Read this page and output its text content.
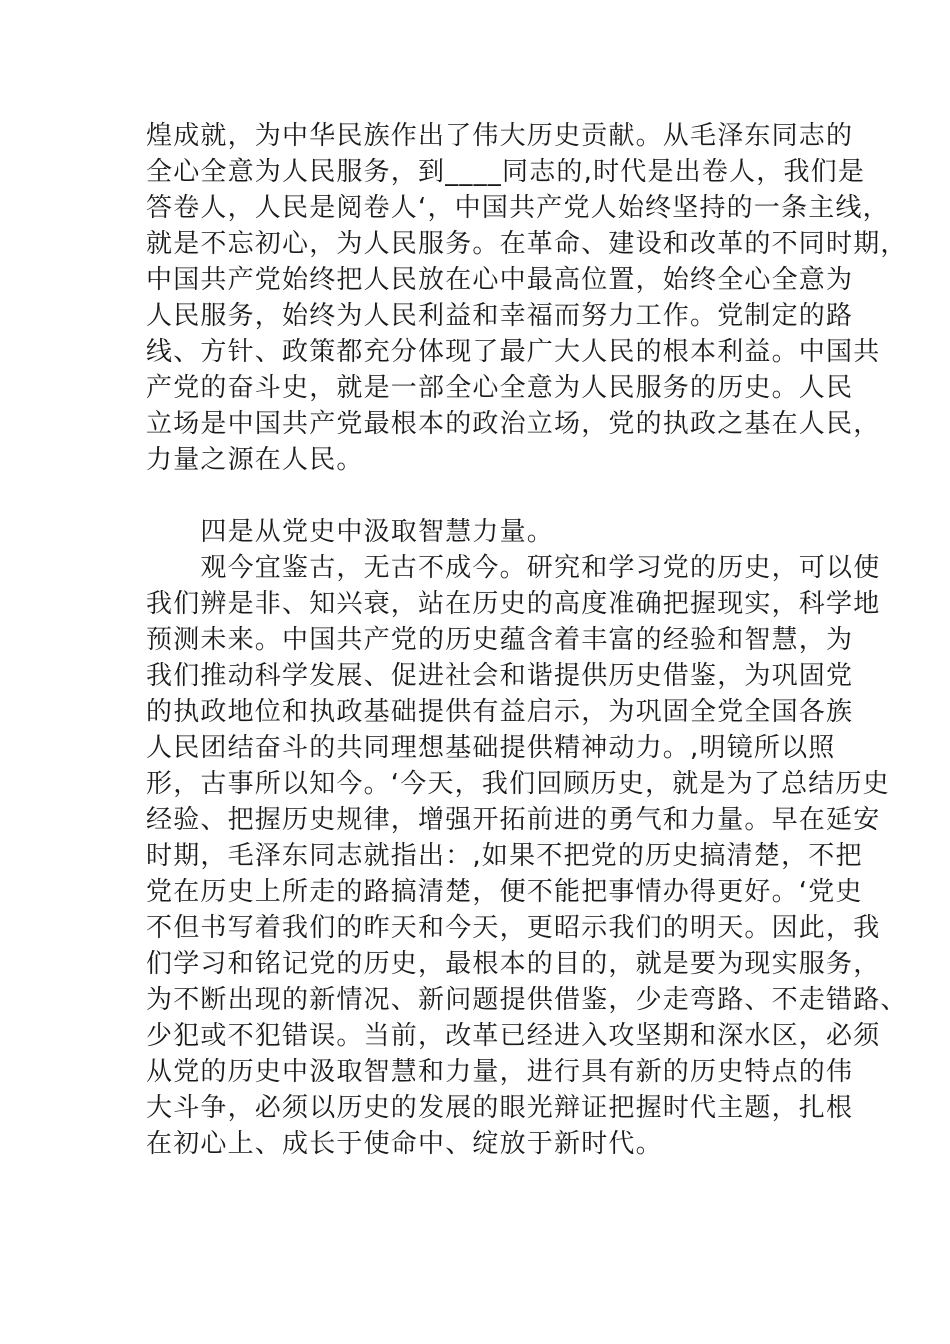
煌成就，为中华民族作出了伟大历史贡献。从毛泽东同志的
全心全意为人民服务，到____同志的,时代是出卷人，我们是
答卷人，人民是阅卷人‘，中国共产党人始终坚持的一条主线，
就是不忘初心，为人民服务。在革命、建设和改革的不同时期，
中国共产党始终把人民放在心中最高位置，始终全心全意为
人民服务，始终为人民利益和幸福而努力工作。党制定的路
线、方针、政策都充分体现了最广大人民的根本利益。中国共
产党的奋斗史，就是一部全心全意为人民服务的历史。人民
立场是中国共产党最根本的政治立场，党的执政之基在人民，
力量之源在人民。
　　四是从党史中汲取智慧力量。
　　观今宜鉴古，无古不成今。研究和学习党的历史，可以使
我们辨是非、知兴衰，站在历史的高度准确把握现实，科学地
预测未来。中国共产党的历史蕴含着丰富的经验和智慧，为
我们推动科学发展、促进社会和谐提供历史借鉴，为巩固党
的执政地位和执政基础提供有益启示，为巩固全党全国各族
人民团结奋斗的共同理想基础提供精神动力。,明镜所以照
形，古事所以知今。‘今天，我们回顾历史，就是为了总结历史
经验、把握历史规律，增强开拓前进的勇气和力量。早在延安
时期，毛泽东同志就指出：,如果不把党的历史搞清楚，不把
党在历史上所走的路搞清楚，便不能把事情办得更好。‘党史
不但书写着我们的昨天和今天，更昭示我们的明天。因此，我
们学习和铭记党的历史，最根本的目的，就是要为现实服务，
为不断出现的新情况、新问题提供借鉴，少走弯路、不走错路、
少犯或不犯错误。当前，改革已经进入攻坚期和深水区，必须
从党的历史中汲取智慧和力量，进行具有新的历史特点的伟
大斗争，必须以历史的发展的眼光辩证把握时代主题，扎根
在初心上、成长于使命中、绽放于新时代。
